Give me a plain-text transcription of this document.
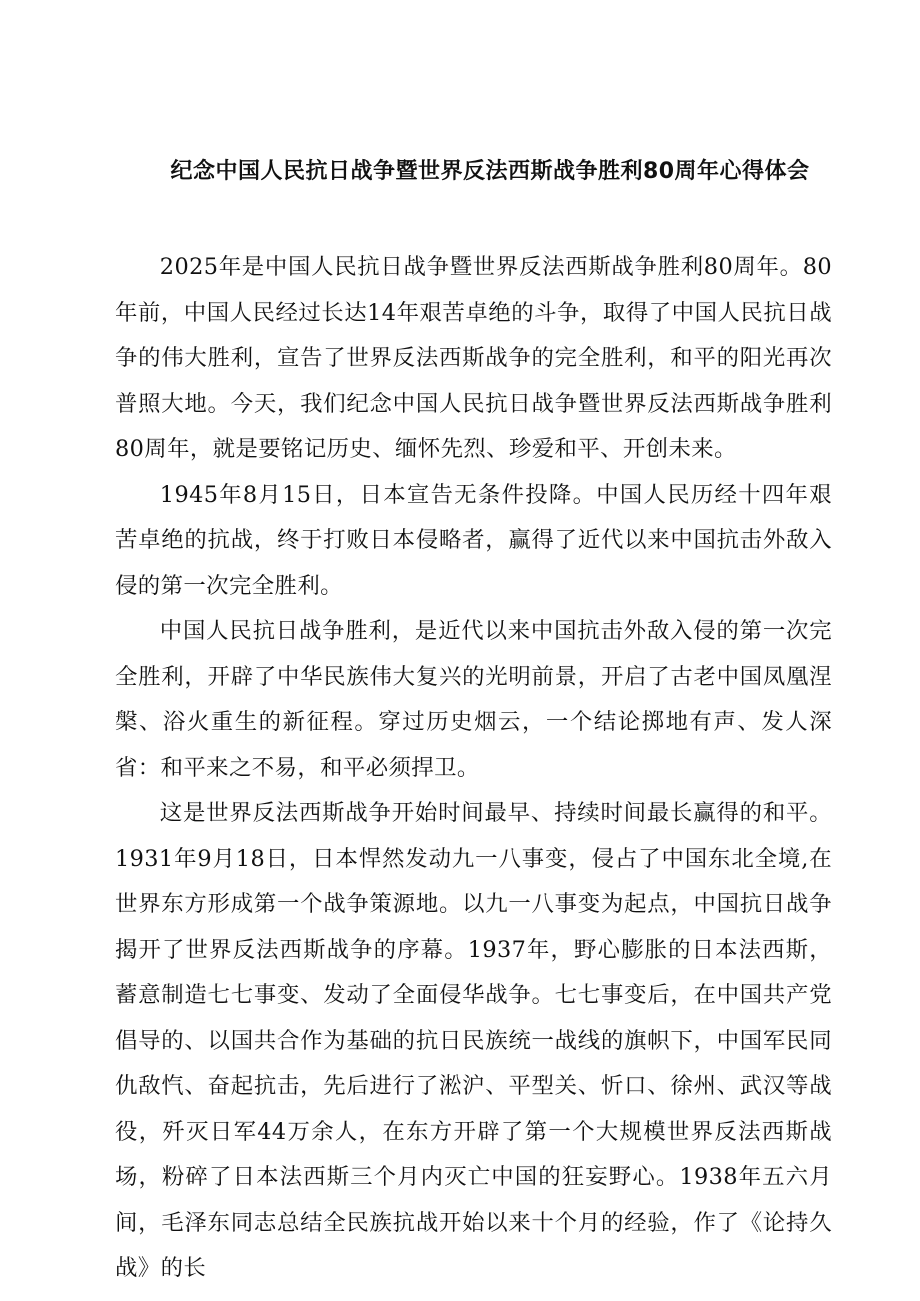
纪念中国人民抗日战争暨世界反法西斯战争胜利80周年心得体会

2025年是中国人民抗日战争暨世界反法西斯战争胜利80周年。80年前，中国人民经过长达14年艰苦卓绝的斗争，取得了中国人民抗日战争的伟大胜利，宣告了世界反法西斯战争的完全胜利，和平的阳光再次普照大地。今天，我们纪念中国人民抗日战争暨世界反法西斯战争胜利80周年，就是要铭记历史、缅怀先烈、珍爱和平、开创未来。

1945年8月15日，日本宣告无条件投降。中国人民历经十四年艰苦卓绝的抗战，终于打败日本侵略者，赢得了近代以来中国抗击外敌入侵的第一次完全胜利。

中国人民抗日战争胜利，是近代以来中国抗击外敌入侵的第一次完全胜利，开辟了中华民族伟大复兴的光明前景，开启了古老中国凤凰涅槃、浴火重生的新征程。穿过历史烟云，一个结论掷地有声、发人深省：和平来之不易，和平必须捍卫。

这是世界反法西斯战争开始时间最早、持续时间最长赢得的和平。1931年9月18日，日本悍然发动九一八事变，侵占了中国东北全境,在世界东方形成第一个战争策源地。以九一八事变为起点，中国抗日战争揭开了世界反法西斯战争的序幕。1937年，野心膨胀的日本法西斯，蓄意制造七七事变、发动了全面侵华战争。七七事变后，在中国共产党倡导的、以国共合作为基础的抗日民族统一战线的旗帜下，中国军民同仇敌忾、奋起抗击，先后进行了淞沪、平型关、忻口、徐州、武汉等战役，歼灭日军44万余人，在东方开辟了第一个大规模世界反法西斯战场，粉碎了日本法西斯三个月内灭亡中国的狂妄野心。1938年五六月间，毛泽东同志总结全民族抗战开始以来十个月的经验，作了《论持久战》的长
